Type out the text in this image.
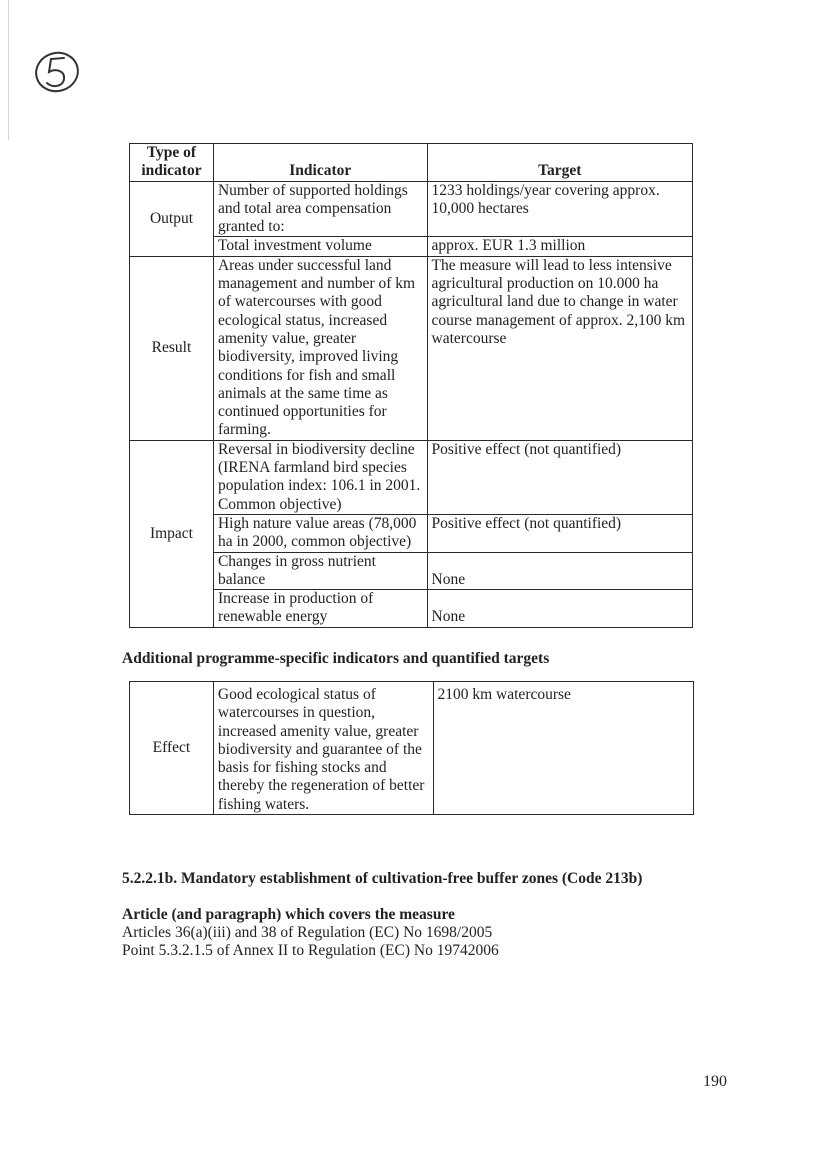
Type of
indicator	Indicator	Target
Output	Number of supported holdings and total area compensation granted to:	1233 holdings/year covering approx. 10,000 hectares
	Total investment volume	approx. EUR 1.3 million
Result	Areas under successful land management and number of km of watercourses with good ecological status, increased amenity value, greater biodiversity, improved living conditions for fish and small animals at the same time as continued opportunities for farming.	The measure will lead to less intensive agricultural production on 10.000 ha agricultural land due to change in water course management of approx. 2,100 km watercourse
Impact	Reversal in biodiversity decline (IRENA farmland bird species population index: 106.1 in 2001. Common objective)	Positive effect (not quantified)
	High nature value areas (78,000 ha in 2000, common objective)	Positive effect (not quantified)
	Changes in gross nutrient balance	None
	Increase in production of renewable energy	None
Additional programme-specific indicators and quantified targets
Effect	Good ecological status of watercourses in question, increased amenity value, greater biodiversity and guarantee of the basis for fishing stocks and thereby the regeneration of better fishing waters.	2100 km watercourse
5.2.2.1b. Mandatory establishment of cultivation-free buffer zones (Code 213b)
Article (and paragraph) which covers the measure
Articles 36(a)(iii) and 38 of Regulation (EC) No 1698/2005
Point 5.3.2.1.5 of Annex II to Regulation (EC) No 19742006
190
